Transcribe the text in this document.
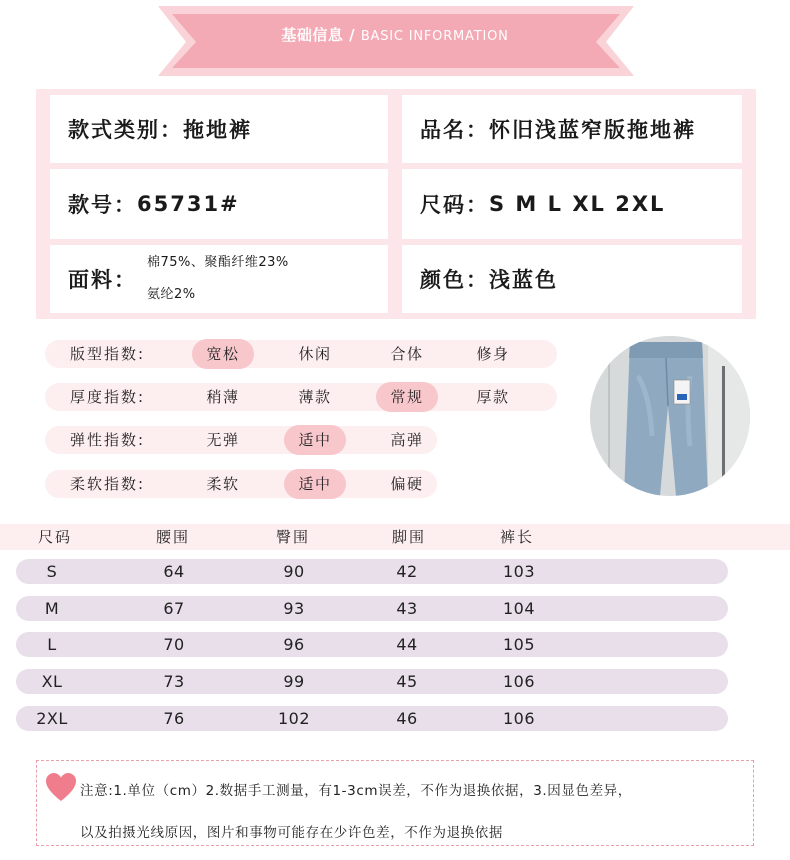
基础信息 / BASIC INFORMATION
款式类别： 拖地裤	品名： 怀旧浅蓝窄版拖地裤
款号： 65731#	尺码： S M L XL 2XL
面料：
棉75%、聚酯纤维23%
氨纶2%
颜色： 浅蓝色
版型指数:	宽松	休闲	合体	修身
厚度指数:	稍薄	薄款	常规	厚款
弹性指数:	无弹	适中	高弹
柔软指数:	柔软	适中	偏硬
尺码	腰围	臀围	脚围	裤长
S	64	90	42	103
M	67	93	43	104
L	70	96	44	105
XL	73	99	45	106
2XL	76	102	46	106
注意:1.单位（cm）2.数据手工测量，有1-3cm误差，不作为退换依据，3.因显色差异，
以及拍摄光线原因，图片和事物可能存在少许色差，不作为退换依据
